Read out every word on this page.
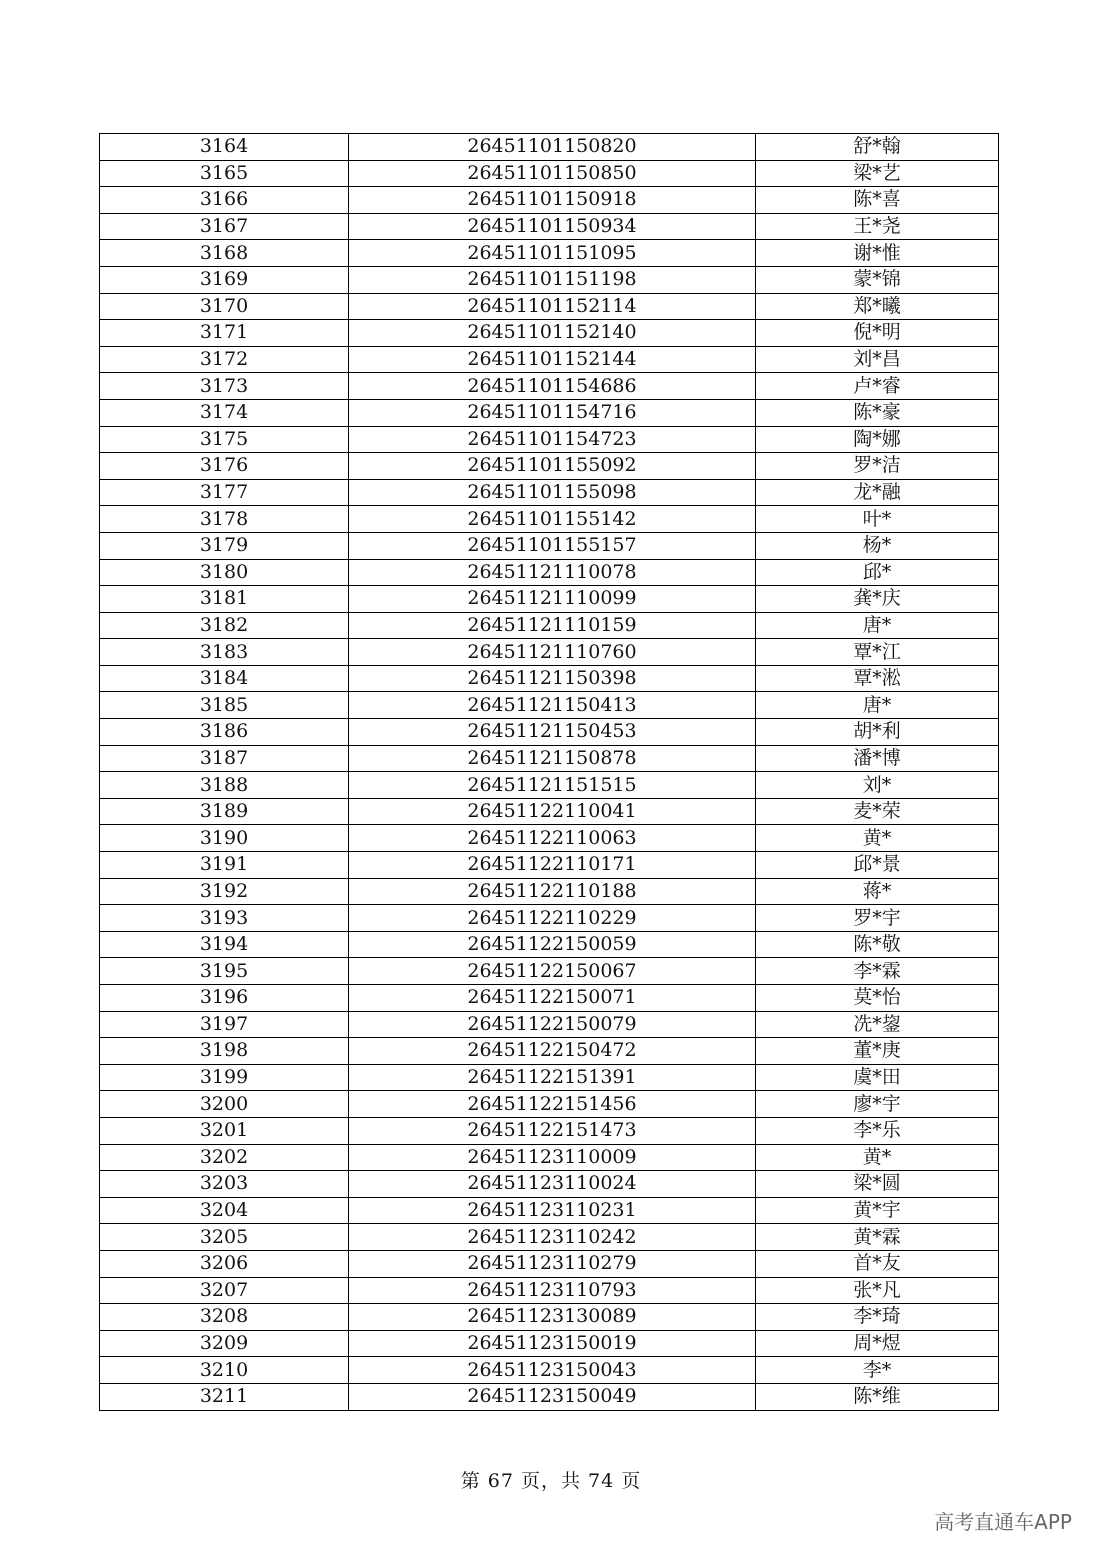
3164	26451101150820	舒*翰
3165	26451101150850	梁*艺
3166	26451101150918	陈*喜
3167	26451101150934	王*尧
3168	26451101151095	谢*惟
3169	26451101151198	蒙*锦
3170	26451101152114	郑*曦
3171	26451101152140	倪*明
3172	26451101152144	刘*昌
3173	26451101154686	卢*睿
3174	26451101154716	陈*豪
3175	26451101154723	陶*娜
3176	26451101155092	罗*洁
3177	26451101155098	龙*融
3178	26451101155142	叶*
3179	26451101155157	杨*
3180	26451121110078	邱*
3181	26451121110099	龚*庆
3182	26451121110159	唐*
3183	26451121110760	覃*江
3184	26451121150398	覃*淞
3185	26451121150413	唐*
3186	26451121150453	胡*利
3187	26451121150878	潘*博
3188	26451121151515	刘*
3189	26451122110041	麦*荣
3190	26451122110063	黄*
3191	26451122110171	邱*景
3192	26451122110188	蒋*
3193	26451122110229	罗*宇
3194	26451122150059	陈*敬
3195	26451122150067	李*霖
3196	26451122150071	莫*怡
3197	26451122150079	冼*鋆
3198	26451122150472	董*庚
3199	26451122151391	虞*田
3200	26451122151456	廖*宇
3201	26451122151473	李*乐
3202	26451123110009	黄*
3203	26451123110024	梁*圆
3204	26451123110231	黄*宇
3205	26451123110242	黄*霖
3206	26451123110279	首*友
3207	26451123110793	张*凡
3208	26451123130089	李*琦
3209	26451123150019	周*煜
3210	26451123150043	李*
3211	26451123150049	陈*维
第 67 页，共 74 页
高考直通车APP
